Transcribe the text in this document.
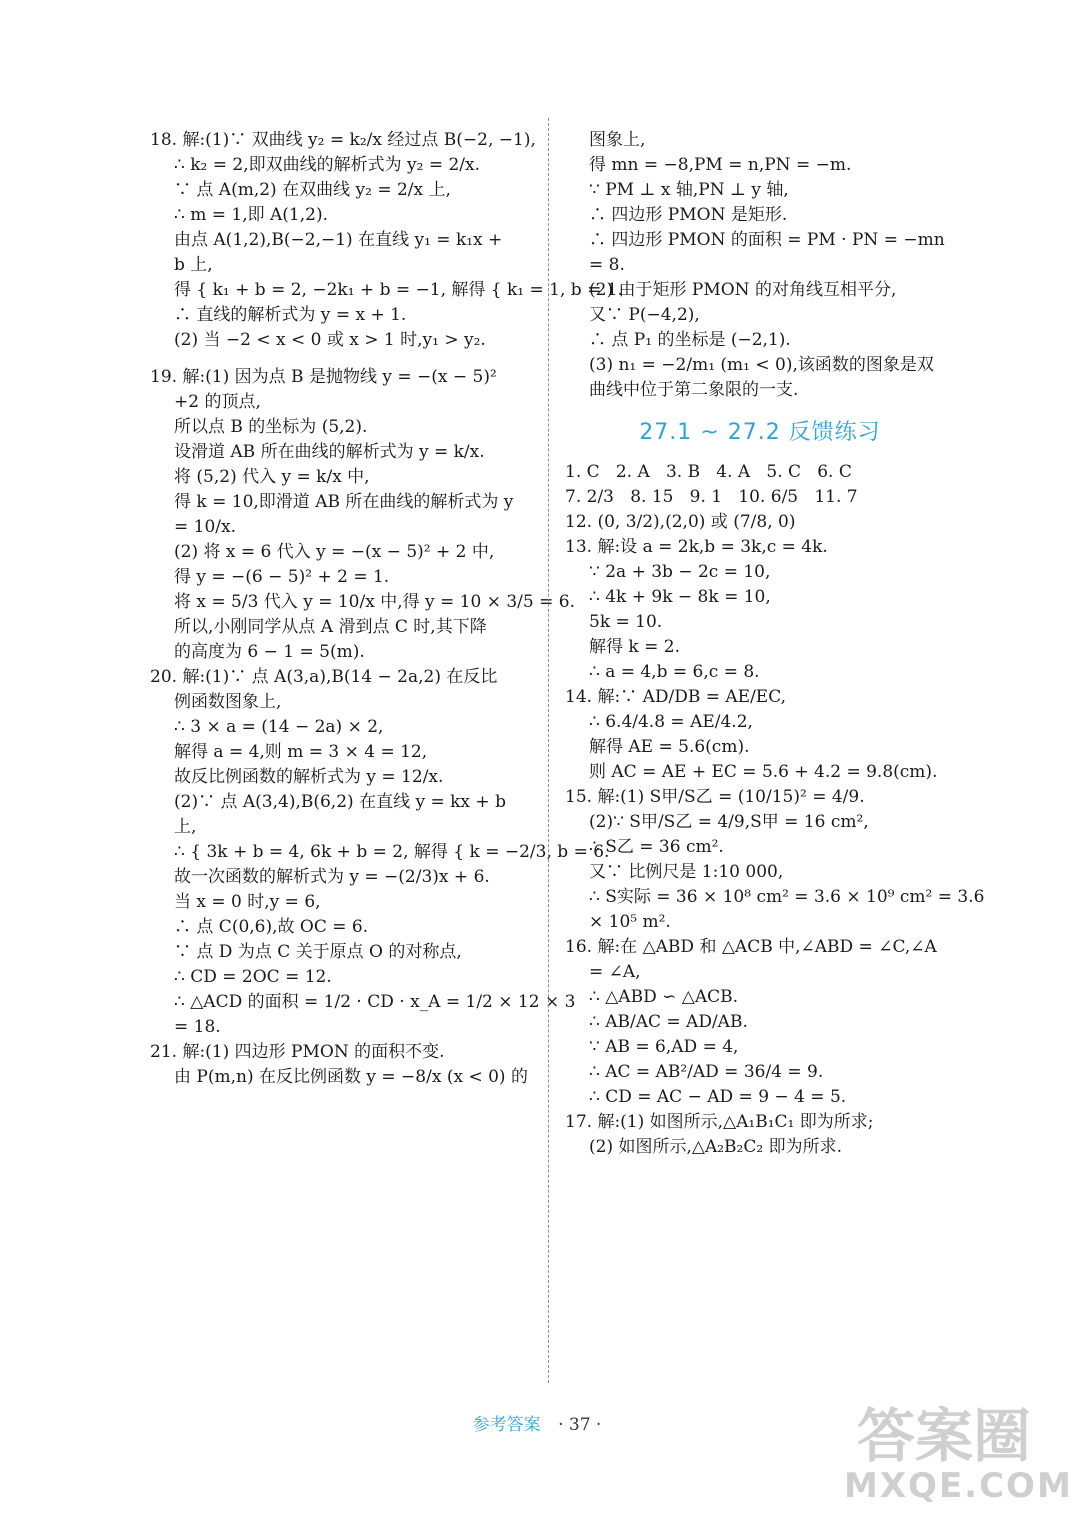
18. 解:(1)∵ 双曲线 y₂ = k₂/x 经过点 B(−2, −1),
∴ k₂ = 2,即双曲线的解析式为 y₂ = 2/x.
∵ 点 A(m,2) 在双曲线 y₂ = 2/x 上,
∴ m = 1,即 A(1,2).
由点 A(1,2),B(−2,−1) 在直线 y₁ = k₁x +
b 上,
得 { k₁ + b = 2, −2k₁ + b = −1, 解得 { k₁ = 1, b = 1.
∴ 直线的解析式为 y = x + 1.
(2) 当 −2 < x < 0 或 x > 1 时,y₁ > y₂.
19. 解:(1) 因为点 B 是抛物线 y = −(x − 5)²
+2 的顶点,
所以点 B 的坐标为 (5,2).
设滑道 AB 所在曲线的解析式为 y = k/x.
将 (5,2) 代入 y = k/x 中,
得 k = 10,即滑道 AB 所在曲线的解析式为 y
= 10/x.
(2) 将 x = 6 代入 y = −(x − 5)² + 2 中,
得 y = −(6 − 5)² + 2 = 1.
将 x = 5/3 代入 y = 10/x 中,得 y = 10 × 3/5 = 6.
所以,小刚同学从点 A 滑到点 C 时,其下降
的高度为 6 − 1 = 5(m).
20. 解:(1)∵ 点 A(3,a),B(14 − 2a,2) 在反比
例函数图象上,
∴ 3 × a = (14 − 2a) × 2,
解得 a = 4,则 m = 3 × 4 = 12,
故反比例函数的解析式为 y = 12/x.
(2)∵ 点 A(3,4),B(6,2) 在直线 y = kx + b
上,
∴ { 3k + b = 4, 6k + b = 2, 解得 { k = −2/3, b = 6.
故一次函数的解析式为 y = −(2/3)x + 6.
当 x = 0 时,y = 6,
∴ 点 C(0,6),故 OC = 6.
∵ 点 D 为点 C 关于原点 O 的对称点,
∴ CD = 2OC = 12.
∴ △ACD 的面积 = 1/2 · CD · x_A = 1/2 × 12 × 3
= 18.
21. 解:(1) 四边形 PMON 的面积不变.
由 P(m,n) 在反比例函数 y = −8/x (x < 0) 的
图象上,
得 mn = −8,PM = n,PN = −m.
∵ PM ⊥ x 轴,PN ⊥ y 轴,
∴ 四边形 PMON 是矩形.
∴ 四边形 PMON 的面积 = PM · PN = −mn
= 8.
(2) 由于矩形 PMON 的对角线互相平分,
又∵ P(−4,2),
∴ 点 P₁ 的坐标是 (−2,1).
(3) n₁ = −2/m₁ (m₁ < 0),该函数的图象是双
曲线中位于第二象限的一支.
27.1 ~ 27.2 反馈练习
1. C   2. A   3. B   4. A   5. C   6. C
7. 2/3   8. 15   9. 1   10. 6/5   11. 7
12. (0, 3/2),(2,0) 或 (7/8, 0)
13. 解:设 a = 2k,b = 3k,c = 4k.
∵ 2a + 3b − 2c = 10,
∴ 4k + 9k − 8k = 10,
5k = 10.
解得 k = 2.
∴ a = 4,b = 6,c = 8.
14. 解:∵ AD/DB = AE/EC,
∴ 6.4/4.8 = AE/4.2,
解得 AE = 5.6(cm).
则 AC = AE + EC = 5.6 + 4.2 = 9.8(cm).
15. 解:(1) S甲/S乙 = (10/15)² = 4/9.
(2)∵ S甲/S乙 = 4/9,S甲 = 16 cm²,
∴ S乙 = 36 cm².
又∵ 比例尺是 1:10 000,
∴ S实际 = 36 × 10⁸ cm² = 3.6 × 10⁹ cm² = 3.6
× 10⁵ m².
16. 解:在 △ABD 和 △ACB 中,∠ABD = ∠C,∠A
= ∠A,
∴ △ABD ∽ △ACB.
∴ AB/AC = AD/AB.
∵ AB = 6,AD = 4,
∴ AC = AB²/AD = 36/4 = 9.
∴ CD = AC − AD = 9 − 4 = 5.
17. 解:(1) 如图所示,△A₁B₁C₁ 即为所求;
(2) 如图所示,△A₂B₂C₂ 即为所求.
参考答案 · 37 ·	答案圈
MXQE.COM
